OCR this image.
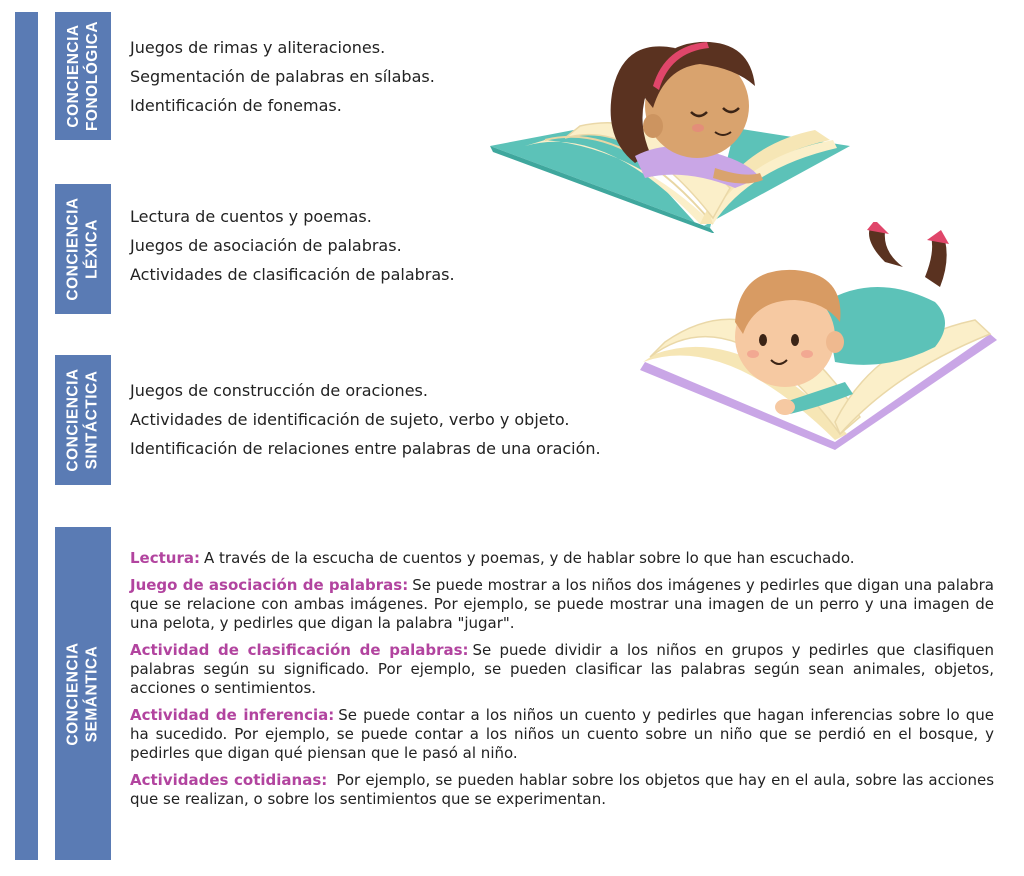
CONCIENCIA FONOLÓGICA Juegos de rimas y aliteraciones.
Segmentación de palabras en sílabas.
Identificación de fonemas.
CONCIENCIA LÉXICA
Lectura de cuentos y poemas.
Juegos de asociación de palabras.
Actividades de clasificación de palabras.
CONCIENCIA SINTÁCTICA Juegos de construcción de oraciones.
Actividades de identificación de sujeto, verbo y objeto.
Identificación de relaciones entre palabras de una oración.
CONCIENCIA SEMÁNTICA

Lectura: A través de la escucha de cuentos y poemas, y de hablar sobre lo que han escuchado.

Juego de asociación de palabras: Se puede mostrar a los niños dos imágenes y pedirles que digan una palabra que se relacione con ambas imágenes. Por ejemplo, se puede mostrar una imagen de un perro y una imagen de una pelota, y pedirles que digan la palabra "jugar".

Actividad de clasificación de palabras: Se puede dividir a los niños en grupos y pedirles que clasifiquen palabras según su significado. Por ejemplo, se pueden clasificar las palabras según sean animales, objetos, acciones o sentimientos.

Actividad de inferencia: Se puede contar a los niños un cuento y pedirles que hagan inferencias sobre lo que ha sucedido. Por ejemplo, se puede contar a los niños un cuento sobre un niño que se perdió en el bosque, y pedirles que digan qué piensan que le pasó al niño.

Actividades cotidianas: Por ejemplo, se pueden hablar sobre los objetos que hay en el aula, sobre las acciones que se realizan, o sobre los sentimientos que se experimentan.
